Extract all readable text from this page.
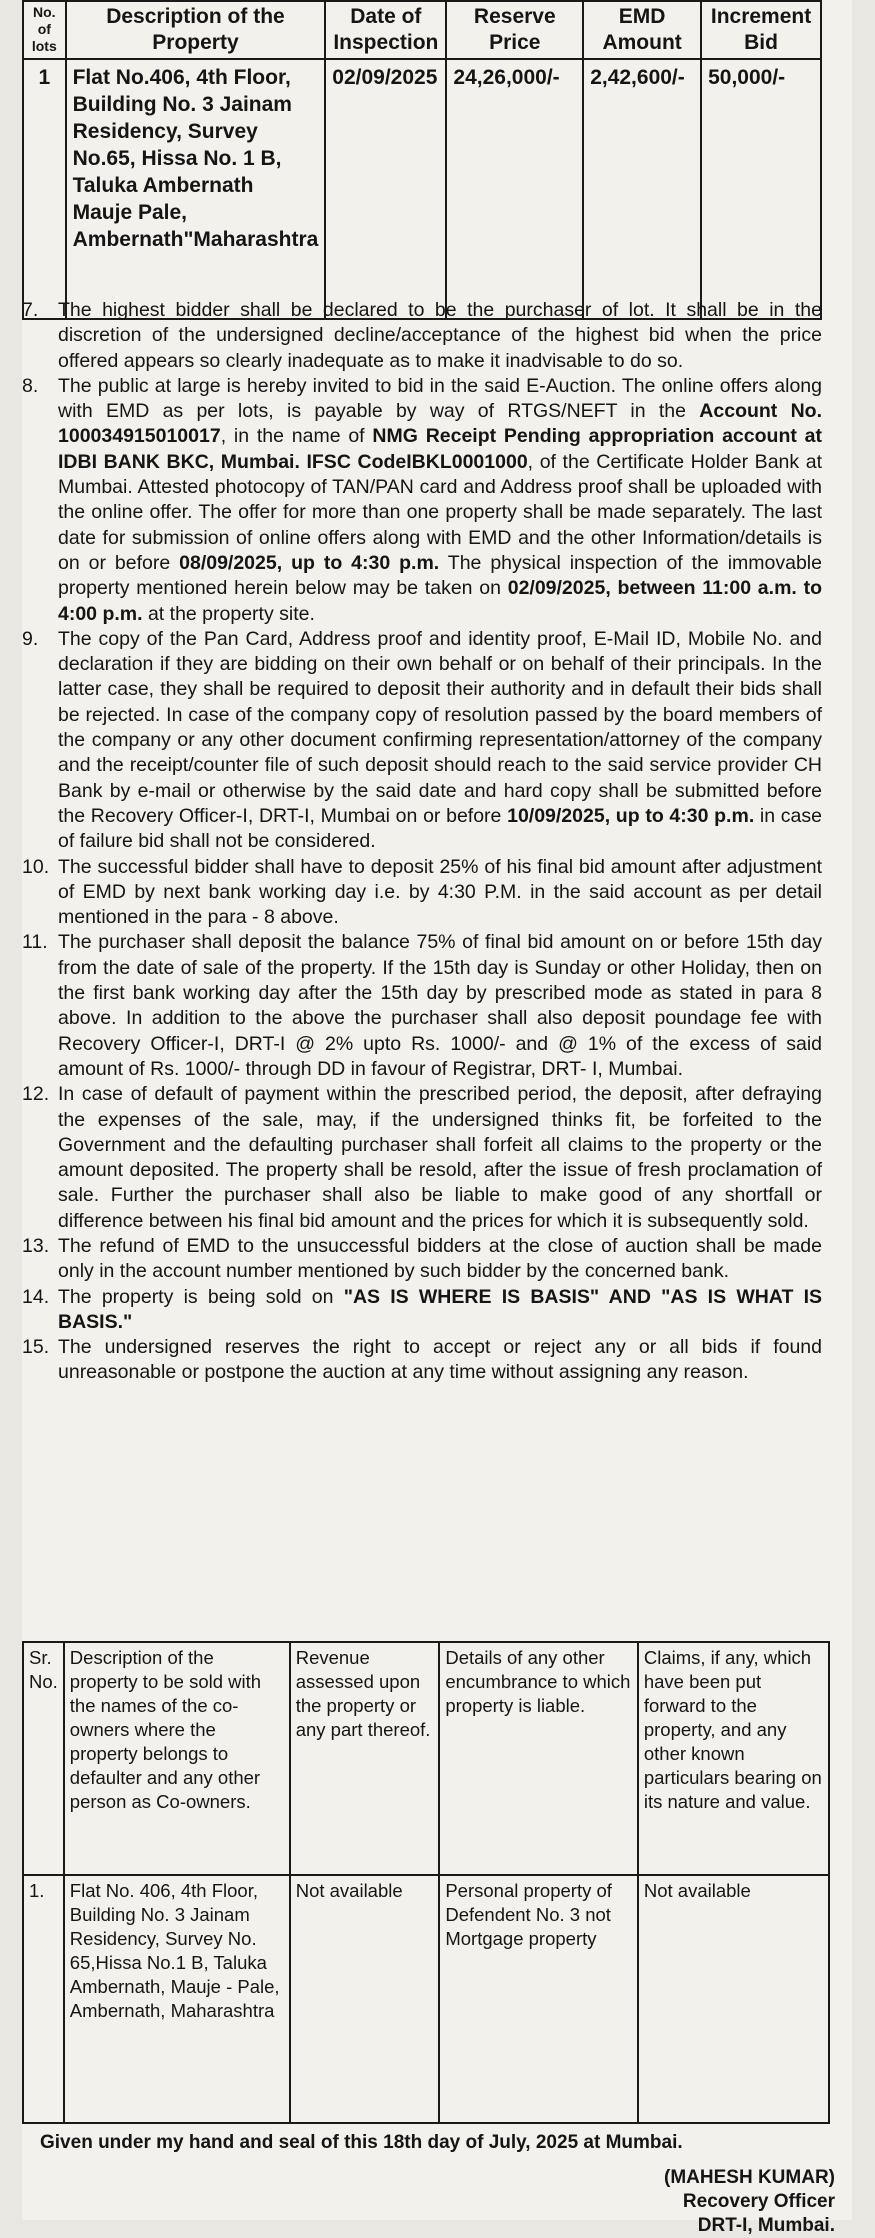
No. of lots	Description of the Property	Date of Inspection	Reserve Price	EMD Amount	Increment Bid
1	Flat No.406, 4th Floor, Building No. 3 Jainam Residency, Survey No.65, Hissa No. 1 B, Taluka Ambernath Mauje Pale, Ambernath"Maharashtra	02/09/2025	24,26,000/-	2,42,600/-	50,000/-
7.	The highest bidder shall be declared to be the purchaser of lot. It shall be in the discretion of the undersigned decline/acceptance of the highest bid when the price offered appears so clearly inadequate as to make it inadvisable to do so.
8.	The public at large is hereby invited to bid in the said E-Auction. The online offers along with EMD as per lots, is payable by way of RTGS/NEFT in the Account No. 100034915010017, in the name of NMG Receipt Pending appropriation account at IDBI BANK BKC, Mumbai. IFSC CodeIBKL0001000, of the Certificate Holder Bank at Mumbai. Attested photocopy of TAN/PAN card and Address proof shall be uploaded with the online offer. The offer for more than one property shall be made separately. The last date for submission of online offers along with EMD and the other Information/details is on or before 08/09/2025, up to 4:30 p.m. The physical inspection of the immovable property mentioned herein below may be taken on 02/09/2025, between 11:00 a.m. to 4:00 p.m. at the property site.
9.	The copy of the Pan Card, Address proof and identity proof, E-Mail ID, Mobile No. and declaration if they are bidding on their own behalf or on behalf of their principals. In the latter case, they shall be required to deposit their authority and in default their bids shall be rejected. In case of the company copy of resolution passed by the board members of the company or any other document confirming representation/attorney of the company and the receipt/counter file of such deposit should reach to the said service provider CH Bank by e-mail or otherwise by the said date and hard copy shall be submitted before the Recovery Officer-I, DRT-I, Mumbai on or before 10/09/2025, up to 4:30 p.m. in case of failure bid shall not be considered.
10. The successful bidder shall have to deposit 25% of his final bid amount after adjustment of EMD by next bank working day i.e. by 4:30 P.M. in the said account as per detail mentioned in the para - 8 above.
11. The purchaser shall deposit the balance 75% of final bid amount on or before 15th day from the date of sale of the property. If the 15th day is Sunday or other Holiday, then on the first bank working day after the 15th day by prescribed mode as stated in para 8 above. In addition to the above the purchaser shall also deposit poundage fee with Recovery Officer-I, DRT-I @ 2% upto Rs. 1000/- and @ 1% of the excess of said amount of Rs. 1000/- through DD in favour of Registrar, DRT- I, Mumbai.
12. In case of default of payment within the prescribed period, the deposit, after defraying the expenses of the sale, may, if the undersigned thinks fit, be forfeited to the Government and the defaulting purchaser shall forfeit all claims to the property or the amount deposited. The property shall be resold, after the issue of fresh proclamation of sale. Further the purchaser shall also be liable to make good of any shortfall or difference between his final bid amount and the prices for which it is subsequently sold.
13. The refund of EMD to the unsuccessful bidders at the close of auction shall be made only in the account number mentioned by such bidder by the concerned bank.
14. The property is being sold on "AS IS WHERE IS BASIS" AND "AS IS WHAT IS BASIS."
15. The undersigned reserves the right to accept or reject any or all bids if found unreasonable or postpone the auction at any time without assigning any reason.
Sr. No.	Description of the property to be sold with the names of the co-owners where the property belongs to defaulter and any other person as Co-owners.	Revenue assessed upon the property or any part thereof.	Details of any other encumbrance to which property is liable.	Claims, if any, which have been put forward to the property, and any other known particulars bearing on its nature and value.
1.	Flat No. 406, 4th Floor, Building No. 3 Jainam Residency, Survey No. 65,Hissa No.1 B, Taluka Ambernath, Mauje - Pale, Ambernath, Maharashtra	Not available	Personal property of Defendent No. 3 not Mortgage property	Not available
Given under my hand and seal of this 18th day of July, 2025 at Mumbai.
(MAHESH KUMAR)
Recovery Officer
DRT-I, Mumbai.
